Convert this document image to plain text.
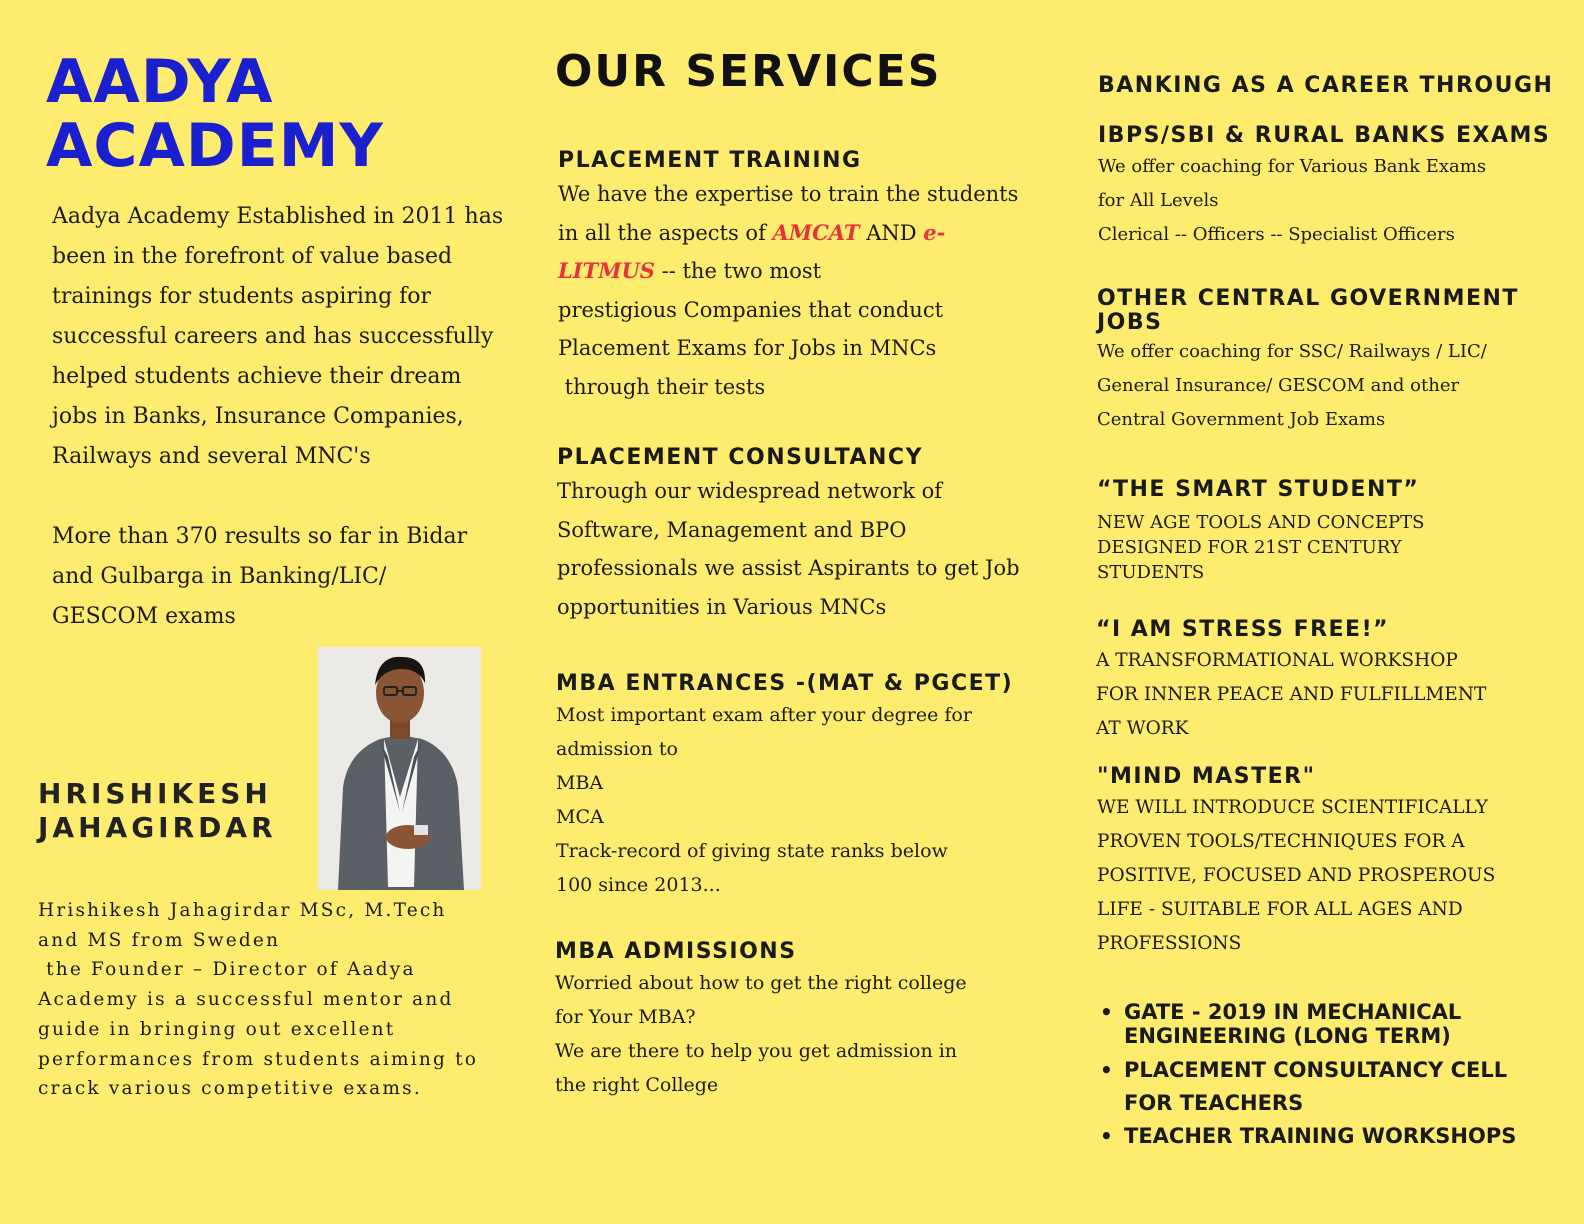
AADYA
ACADEMY

Aadya Academy Established in 2011 has
been in the forefront of value based
trainings for students aspiring for
successful careers and has successfully
helped students achieve their dream
jobs in Banks, Insurance Companies,
Railways and several MNC's

More than 370 results so far in Bidar
and Gulbarga in Banking/LIC/
GESCOM exams

HRISHIKESH
JAHAGIRDAR

Hrishikesh Jahagirdar MSc, M.Tech
and MS from Sweden
the Founder – Director of Aadya
Academy is a successful mentor and
guide in bringing out excellent
performances from students aiming to
crack various competitive exams.

OUR SERVICES
PLACEMENT TRAINING

We have the expertise to train the students
in all the aspects of AMCAT AND e-
LITMUS -- the two most
prestigious Companies that conduct
Placement Exams for Jobs in MNCs
through their tests

PLACEMENT CONSULTANCY

Through our widespread network of
Software, Management and BPO
professionals we assist Aspirants to get Job
opportunities in Various MNCs

MBA ENTRANCES -(MAT & PGCET)

Most important exam after your degree for
admission to
MBA
MCA
Track-record of giving state ranks below
100 since 2013...

MBA ADMISSIONS

Worried about how to get the right college
for Your MBA?
We are there to help you get admission in
the right College

BANKING AS A CAREER THROUGH
IBPS/SBI & RURAL BANKS EXAMS

We offer coaching for Various Bank Exams
for All Levels
Clerical -- Officers -- Specialist Officers

OTHER CENTRAL GOVERNMENT
JOBS

We offer coaching for SSC/ Railways / LIC/
General Insurance/ GESCOM and other
Central Government Job Exams

“THE SMART STUDENT”

NEW AGE TOOLS AND CONCEPTS
DESIGNED FOR 21ST CENTURY
STUDENTS

“I AM STRESS FREE!”

A TRANSFORMATIONAL WORKSHOP
FOR INNER PEACE AND FULFILLMENT
AT WORK

"MIND MASTER"

WE WILL INTRODUCE SCIENTIFICALLY
PROVEN TOOLS/TECHNIQUES FOR A
POSITIVE, FOCUSED AND PROSPEROUS
LIFE - SUITABLE FOR ALL AGES AND
PROFESSIONS

• GATE - 2019 IN MECHANICAL ENGINEERING (LONG TERM)
• PLACEMENT CONSULTANCY CELL FOR TEACHERS
• TEACHER TRAINING WORKSHOPS
